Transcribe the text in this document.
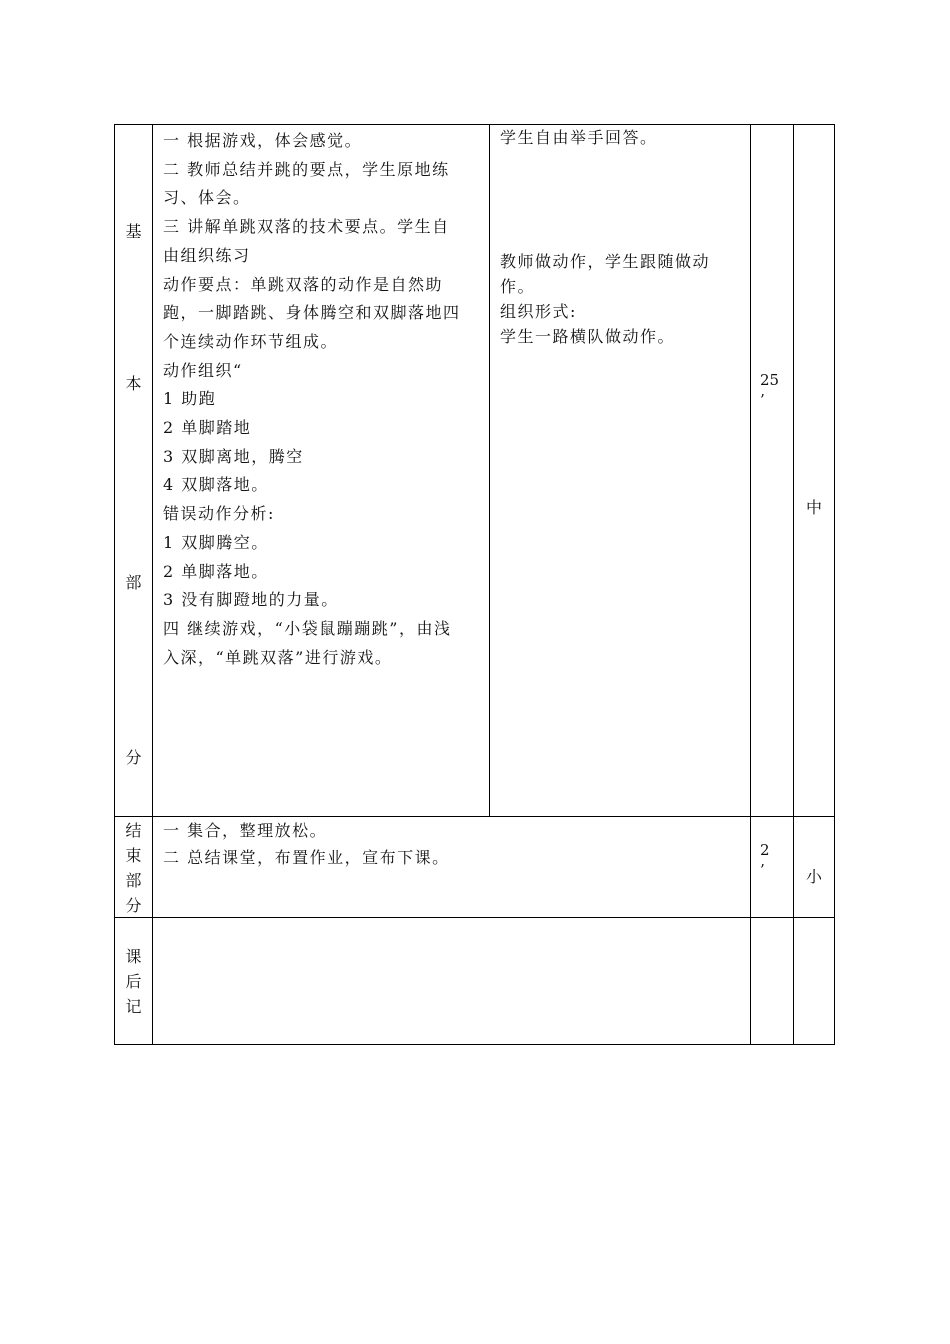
基
本
部
分
一 根据游戏，体会感觉。
二 教师总结并跳的要点，学生原地练
习、体会。
三 讲解单跳双落的技术要点。学生自
由组织练习
动作要点：单跳双落的动作是自然助
跑，一脚踏跳、身体腾空和双脚落地四
个连续动作环节组成。
动作组织“
1 助跑
2 单脚踏地
3 双脚离地，腾空
4 双脚落地。
错误动作分析:
1 双脚腾空。
2 单脚落地。
3 没有脚蹬地的力量。
四 继续游戏，“小袋鼠蹦蹦跳”，由浅
入深，“单跳双落”进行游戏。
学生自由举手回答。
教师做动作，学生跟随做动
作。
组织形式:
学生一路横队做动作。
25
’
中
结
束
部
分
一 集合，整理放松。
二 总结课堂，布置作业，宣布下课。	2
’	小
课
后
记
